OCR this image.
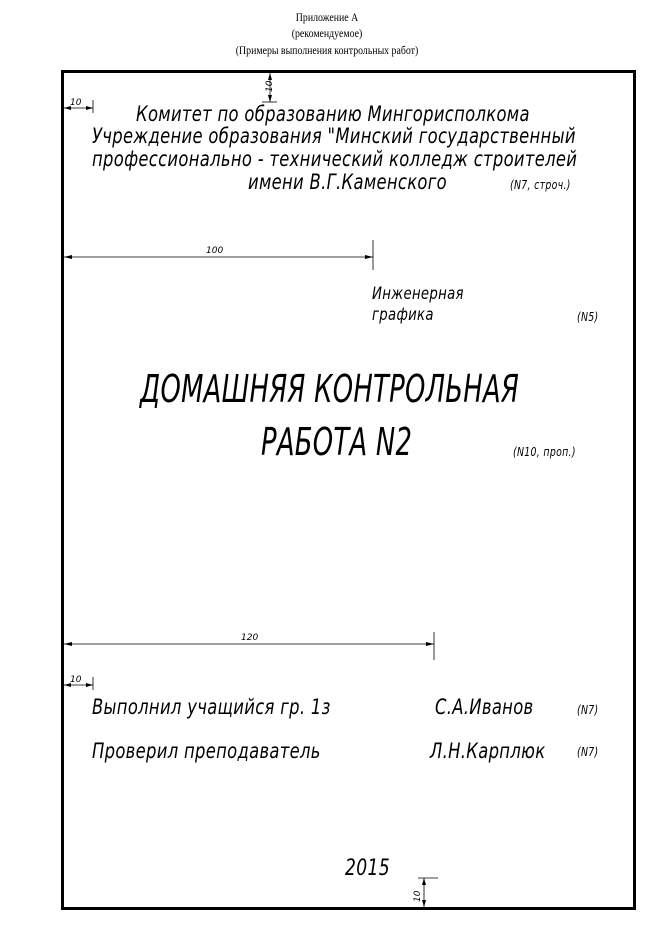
Приложение А
(рекомендуемое)
(Примеры выполнения контрольных работ)
10
10
100
120
10
10
Комитет по образованию Мингорисполкома
Учреждение образования "Минский государственный
профессионально - технический колледж строителей
имени В.Г.Каменского	(N7, строч.)
Инженерная
графика	(N5)
ДОМАШНЯЯ КОНТРОЛЬНАЯ
РАБОТА N2	(N10, проп.)
Выполнил учащийся гр. 1з	С.А.Иванов	(N7)
Проверил преподаватель	Л.Н.Карплюк	(N7)
2015
